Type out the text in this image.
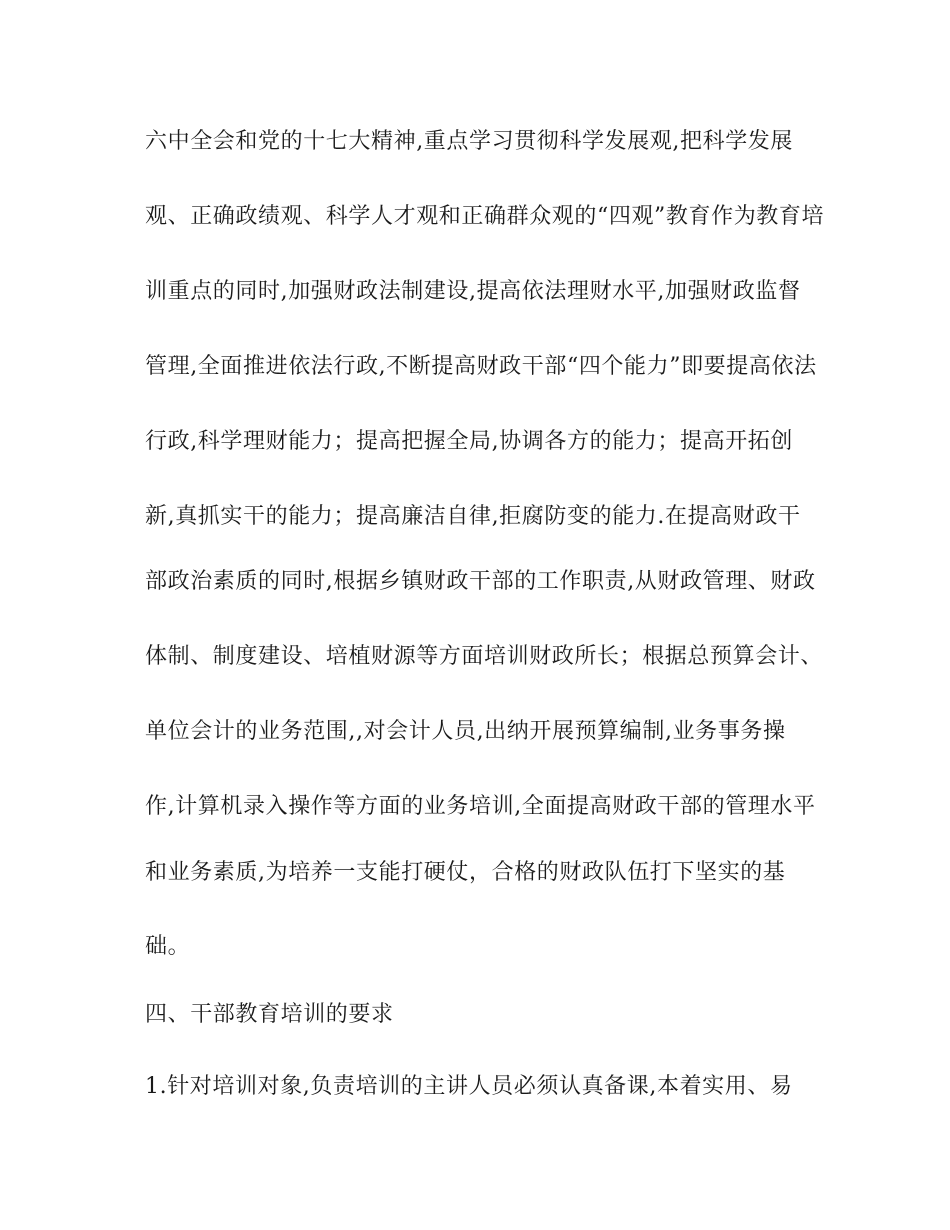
六中全会和党的十七大精神,重点学习贯彻科学发展观,把科学发展
观、正确政绩观、科学人才观和正确群众观的“四观”教育作为教育培
训重点的同时,加强财政法制建设,提高依法理财水平,加强财政监督
管理,全面推进依法行政,不断提高财政干部“四个能力”即要提高依法
行政,科学理财能力；提高把握全局,协调各方的能力；提高开拓创
新,真抓实干的能力；提高廉洁自律,拒腐防变的能力.在提高财政干
部政治素质的同时,根据乡镇财政干部的工作职责,从财政管理、财政
体制、制度建设、培植财源等方面培训财政所长；根据总预算会计、
单位会计的业务范围,,对会计人员,出纳开展预算编制,业务事务操
作,计算机录入操作等方面的业务培训,全面提高财政干部的管理水平
和业务素质,为培养一支能打硬仗，合格的财政队伍打下坚实的基
础。
四、干部教育培训的要求
1.针对培训对象,负责培训的主讲人员必须认真备课,本着实用、易
